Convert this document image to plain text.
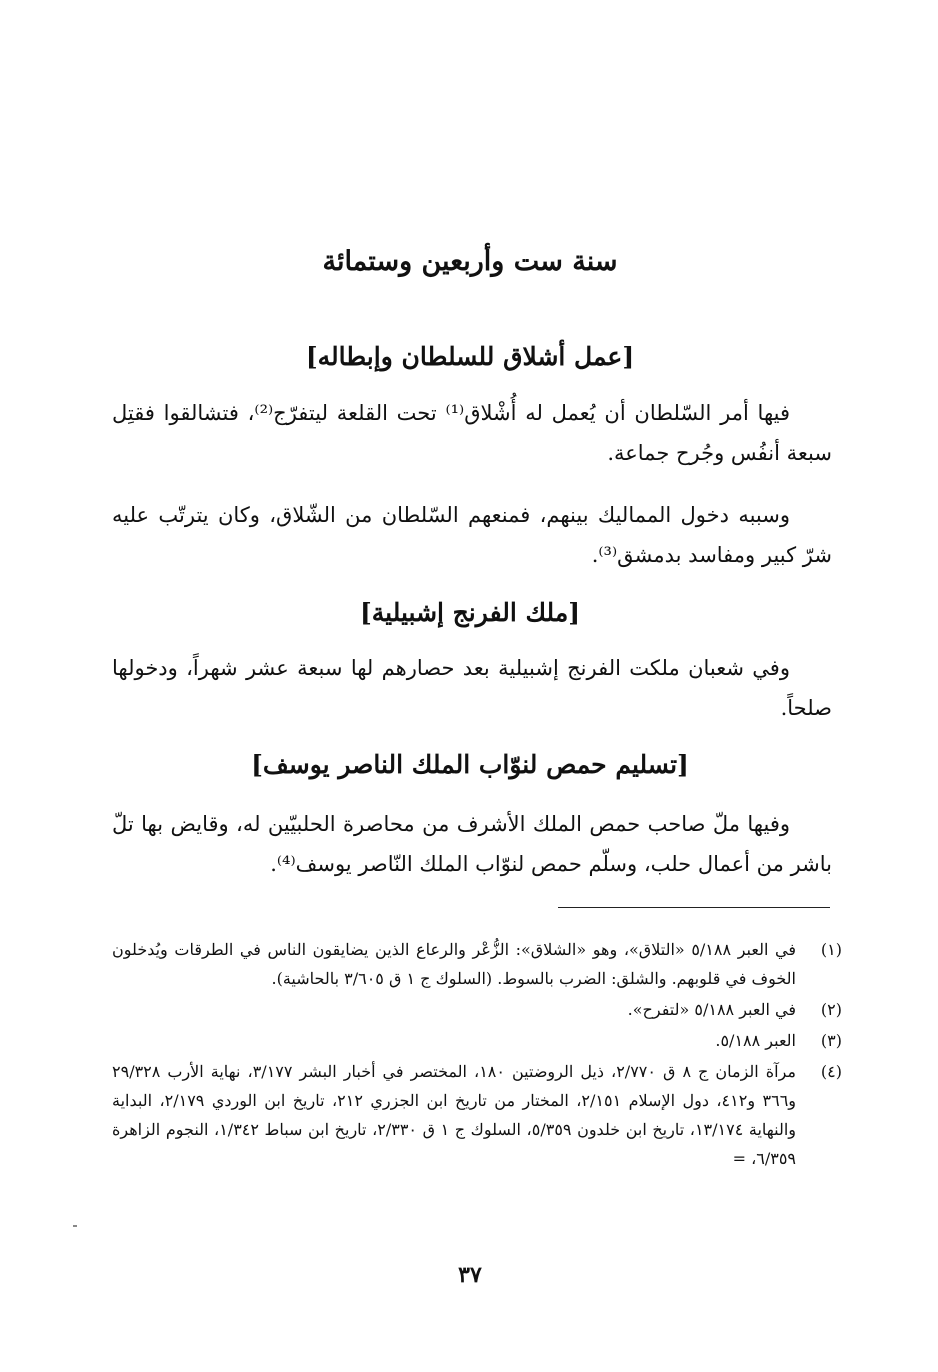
سنة ست وأربعين وستمائة
[عمل أشلاق للسلطان وإبطاله]

فيها أمر السّلطان أن يُعمل له أُشْلاق⁽¹⁾ تحت القلعة ليتفرّج⁽²⁾، فتشالقوا فقتِل سبعة أنفُس وجُرح جماعة.

وسببه دخول المماليك بينهم، فمنعهم السّلطان من الشّلاق، وكان يترتّب عليه شرّ كبير ومفاسد بدمشق⁽³⁾.

[ملك الفرنج إشبيلية]

وفي شعبان ملكت الفرنج إشبيلية بعد حصارهم لها سبعة عشر شهراً، ودخولها صلحاً.

[تسليم حمص لنوّاب الملك الناصر يوسف]

وفيها ملّ صاحب حمص الملك الأشرف من محاصرة الحلبيّين له، وقايض بها تلّ باشر من أعمال حلب، وسلّم حمص لنوّاب الملك النّاصر يوسف⁽⁴⁾.

(١)
في العبر ٥/١٨٨ «التلاق»، وهو «الشلاق»: الزُّعْر والرعاع الذين يضايقون الناس في الطرقات ويُدخلون الخوف في قلوبهم. والشلق: الضرب بالسوط. (السلوك ج ١ ق ٣/٦٠٥ بالحاشية).
(٢)
في العبر ٥/١٨٨ «لتفرح».
(٣)
العبر ٥/١٨٨.
(٤)
مرآة الزمان ج ٨ ق ٢/٧٧٠، ذيل الروضتين ١٨٠، المختصر في أخبار البشر ٣/١٧٧، نهاية الأرب ٢٩/٣٢٨ و٣٦٦ و٤١٢، دول الإسلام ٢/١٥١، المختار من تاريخ ابن الجزري ٢١٢، تاريخ ابن الوردي ٢/١٧٩، البداية والنهاية ١٣/١٧٤، تاريخ ابن خلدون ٥/٣٥٩، السلوك ج ١ ق ٢/٣٣٠، تاريخ ابن سباط ١/٣٤٢، النجوم الزاهرة ٦/٣٥٩، =

٣٧
